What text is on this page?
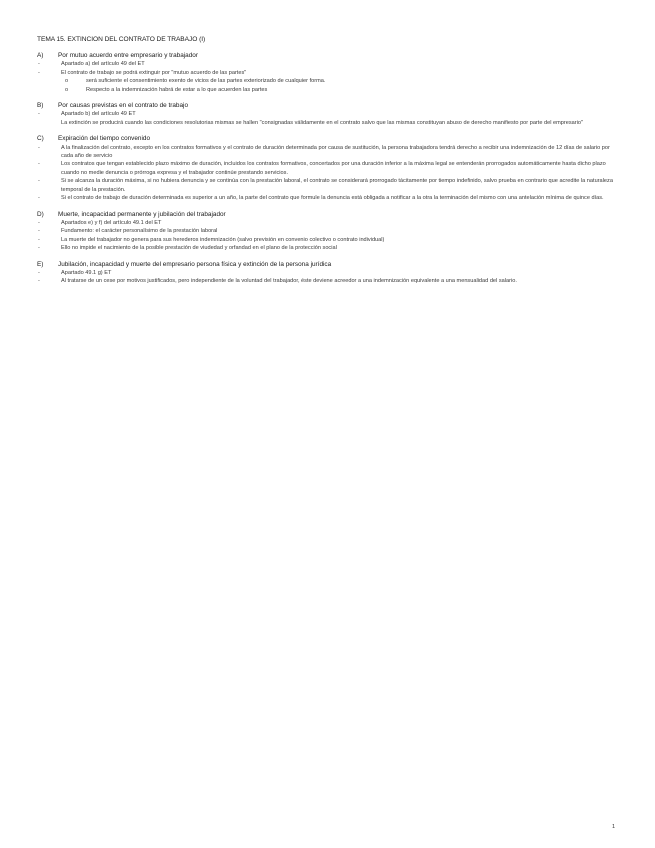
TEMA 15. EXTINCION DEL CONTRATO DE TRABAJO (I)
A)	Por mutuo acuerdo entre empresario y trabajador
-	Apartado a) del artículo 49 del ET
-	El contrato de trabajo se podrá extinguir por "mutuo acuerdo de las partes"
o	será suficiente el consentimiento exento de vicios de las partes exteriorizado de cualquier forma.
o	Respecto a la indemnización habrá de estar a lo que acuerden las partes
B)	Por causas previstas en el contrato de trabajo
-	Apartado b) del artículo 49 ET
La extinción se producirá cuando las condiciones resolutorias mismas se hallen "consignadas válidamente en el contrato salvo que las mismas constituyan abuso de derecho manifiesto por parte del empresario"
C)	Expiración del tiempo convenido
-	A la finalización del contrato, excepto en los contratos formativos y el contrato de duración determinada por causa de sustitución, la persona trabajadora tendrá derecho a recibir una indemnización de 12 días de salario por cada año de servicio
-	Los contratos que tengan establecido plazo máximo de duración, incluidos los contratos formativos, concertados por una duración inferior a la máxima legal se entenderán prorrogados automáticamente hasta dicho plazo cuando no medie denuncia o prórroga expresa y el trabajador continúe prestando servicios.
-	Si se alcanza la duración máxima, si no hubiera denuncia y se continúa con la prestación laboral, el contrato se considerará prorrogado tácitamente por tiempo indefinido, salvo prueba en contrario que acredite la naturaleza temporal de la prestación.
-	Si el contrato de trabajo de duración determinada es superior a un año, la parte del contrato que formule la denuncia está obligada a notificar a la otra la terminación del mismo con una antelación mínima de quince días.
D)	Muerte, incapacidad permanente y jubilación del trabajador
-	Apartados e) y f) del artículo 49.1 del ET
-	Fundamento: el carácter personalísimo de la prestación laboral
-	La muerte del trabajador no genera para sus herederos indemnización (salvo previsión en convenio colectivo o contrato individual)
-	Ello no impide el nacimiento de la posible prestación de viudedad y orfandad en el plano de la protección social
E)	Jubilación, incapacidad y muerte del empresario persona física y extinción de la persona jurídica
-	Apartado 49.1 g) ET
-	Al tratarse de un cese por motivos justificados, pero independiente de la voluntad del trabajador, éste deviene acreedor a una indemnización equivalente a una mensualidad del salario.
1
